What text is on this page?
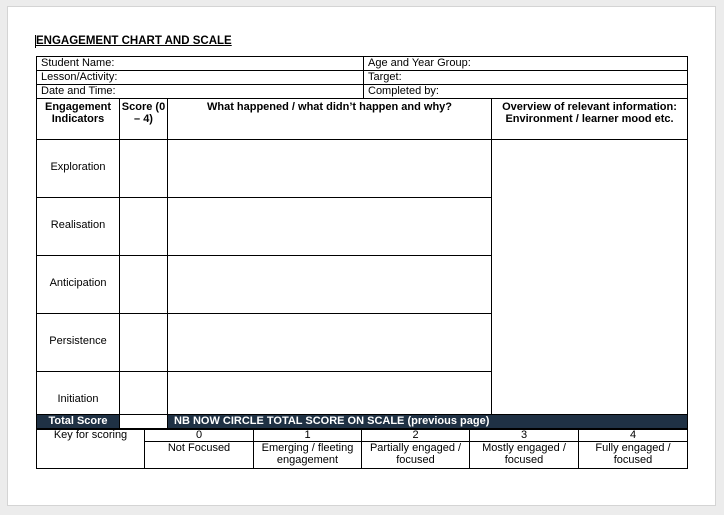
ENGAGEMENT CHART AND SCALE
Student Name:	Age and Year Group:
Lesson/Activity:	Target:
Date and Time:	Completed by:
Engagement Indicators	Score (0 – 4)	What happened / what didn’t happen and why?	Overview of relevant information: Environment / learner mood etc.
Exploration			
Realisation			
Anticipation			
Persistence			
Initiation			
Total Score		NB NOW CIRCLE TOTAL SCORE ON SCALE (previous page)
Key for scoring	0	1	2	3	4
	Not Focused	Emerging / fleeting engagement	Partially engaged / focused	Mostly engaged / focused	Fully engaged / focused
